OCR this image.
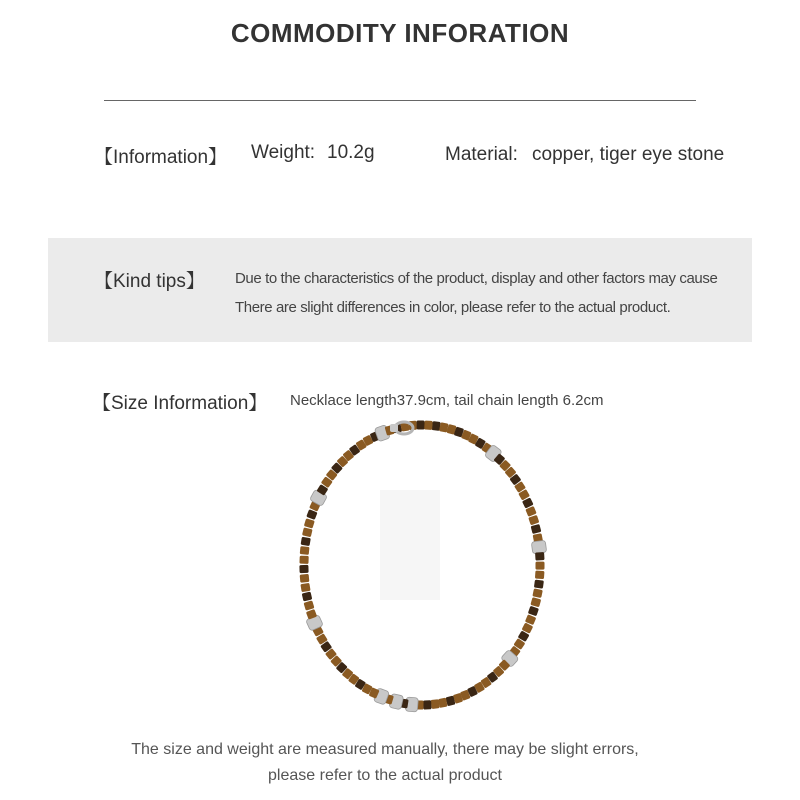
COMMODITY INFORATION
【Information】 Weight: 10.2g	Material: copper, tiger eye stone
【Kind tips】 Due to the characteristics of the product, display and other factors may cause
There are slight differences in color, please refer to the actual product.
【Size Information】 Necklace length37.9cm, tail chain length 6.2cm
The size and weight are measured manually, there may be slight errors,
please refer to the actual product
